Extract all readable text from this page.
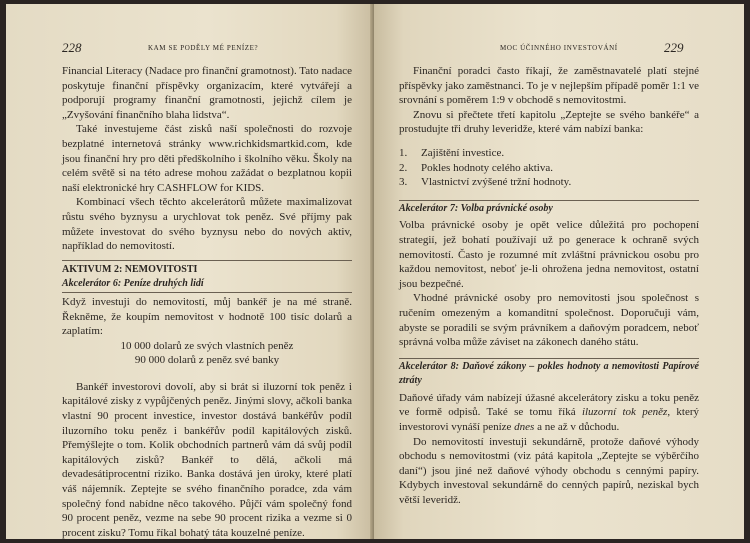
228	KAM SE PODĚLY MÉ PENÍZE?

Financial Literacy (Nadace pro finanční gramotnost). Tato nadace poskytuje finanční příspěvky organizacím, které vytvářejí a podporují programy finanční gramotnosti, jejichž cílem je „Zvyšování finančního blaha lidstva“.

Také investujeme část zisků naší společnosti do rozvoje bezplatné internetová stránky www.richkidsmartkid.com, kde jsou finanční hry pro děti předškolního i školního věku. Školy na celém světě si na této adrese mohou zažádat o bezplatnou kopii naší elektronické hry CASHFLOW for KIDS.

Kombinací všech těchto akcelerátorů můžete maximalizovat růstu svého byznysu a urychlovat tok peněz. Své příjmy pak můžete investovat do svého byznysu nebo do nových aktiv, například do nemovitostí.

AKTIVUM 2: NEMOVITOSTI

Akcelerátor 6: Peníze druhých lidí

Když investuji do nemovitostí, můj bankéř je na mé straně. Řekněme, že koupím nemovitost v hodnotě 100 tisíc dolarů a zaplatím:

10 000 dolarů ze svých vlastních peněz

90 000 dolarů z peněz své banky

Bankéř investorovi dovolí, aby si brát si iluzorní tok peněz i kapitálové zisky z vypůjčených peněz. Jinými slovy, ačkoli banka vlastní 90 procent investice, investor dostává bankéřův podíl iluzorního toku peněz i bankéřův podíl kapitálových zisků. Přemýšlejte o tom. Kolik obchodních partnerů vám dá svůj podíl kapitálových zisků? Bankéř to dělá, ačkoli má devadesátiprocentní riziko. Banka dostává jen úroky, které platí váš nájemník. Zeptejte se svého finančního poradce, zda vám společný fond nabídne něco takového. Půjčí vám společný fond 90 procent peněz, vezme na sebe 90 procent rizika a vezme si 0 procent zisku? Tomu říkal bohatý táta kouzelné peníze.

MOC ÚČINNÉHO INVESTOVÁNÍ	229

Finanční poradci často říkají, že zaměstnavatelé platí stejné příspěvky jako zaměstnanci. To je v nejlepším případě poměr 1:1 ve srovnání s poměrem 1:9 v obchodě s nemovitostmi.

Znovu si přečtete třetí kapitolu „Zeptejte se svého bankéře“ a prostudujte tři druhy leveridže, které vám nabízí banka:

1.	Zajištění investice.
2.	Pokles hodnoty celého aktiva.
3.	Vlastnictví zvýšené tržní hodnoty.

Akcelerátor 7: Volba právnické osoby

Volba právnické osoby je opět velice důležitá pro pochopení strategií, jež bohatí používají už po generace k ochraně svých nemovitostí. Často je rozumné mít zvláštní právnickou osobu pro každou nemovitost, neboť je-li ohrožena jedna nemovitost, ostatní jsou bezpečné.

Vhodné právnické osoby pro nemovitosti jsou společnost s ručením omezeným a komanditní společnost. Doporučuji vám, abyste se poradili se svým právníkem a daňovým poradcem, neboť správná volba může záviset na zákonech daného státu.

Akcelerátor 8: Daňové zákony – pokles hodnoty a nemovitosti Papírové ztráty

Daňové úřady vám nabízejí úžasné akcelerátory zisku a toku peněz ve formě odpisů. Také se tomu říká iluzorní tok peněz, který investorovi vynáší peníze dnes a ne až v důchodu.

Do nemovitostí investuji sekundárně, protože daňové výhody obchodu s nemovitostmi (viz pátá kapitola „Zeptejte se výběrčího daní“) jsou jiné než daňové výhody obchodu s cennými papíry. Kdybych investoval sekundárně do cenných papírů, neziskal bych větší leveridž.
